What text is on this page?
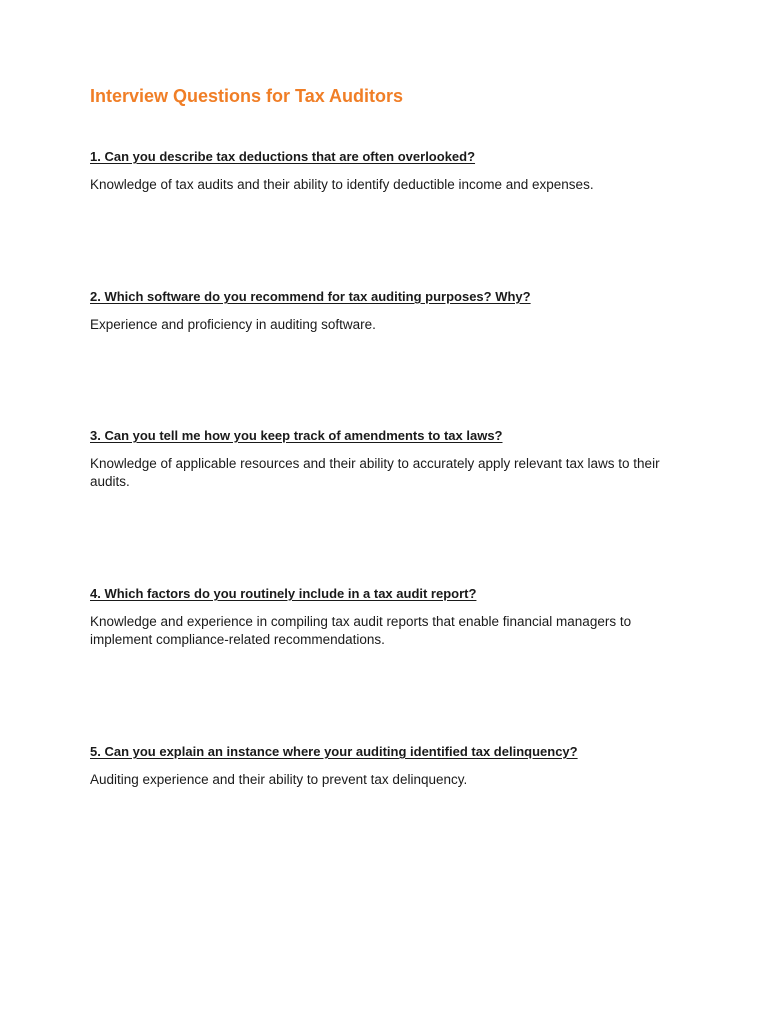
Interview Questions for Tax Auditors

1. Can you describe tax deductions that are often overlooked?

Knowledge of tax audits and their ability to identify deductible income and expenses.

2. Which software do you recommend for tax auditing purposes? Why?

Experience and proficiency in auditing software.

3. Can you tell me how you keep track of amendments to tax laws?

Knowledge of applicable resources and their ability to accurately apply relevant tax laws to their audits.

4. Which factors do you routinely include in a tax audit report?

Knowledge and experience in compiling tax audit reports that enable financial managers to implement compliance-related recommendations.

5. Can you explain an instance where your auditing identified tax delinquency?

Auditing experience and their ability to prevent tax delinquency.
